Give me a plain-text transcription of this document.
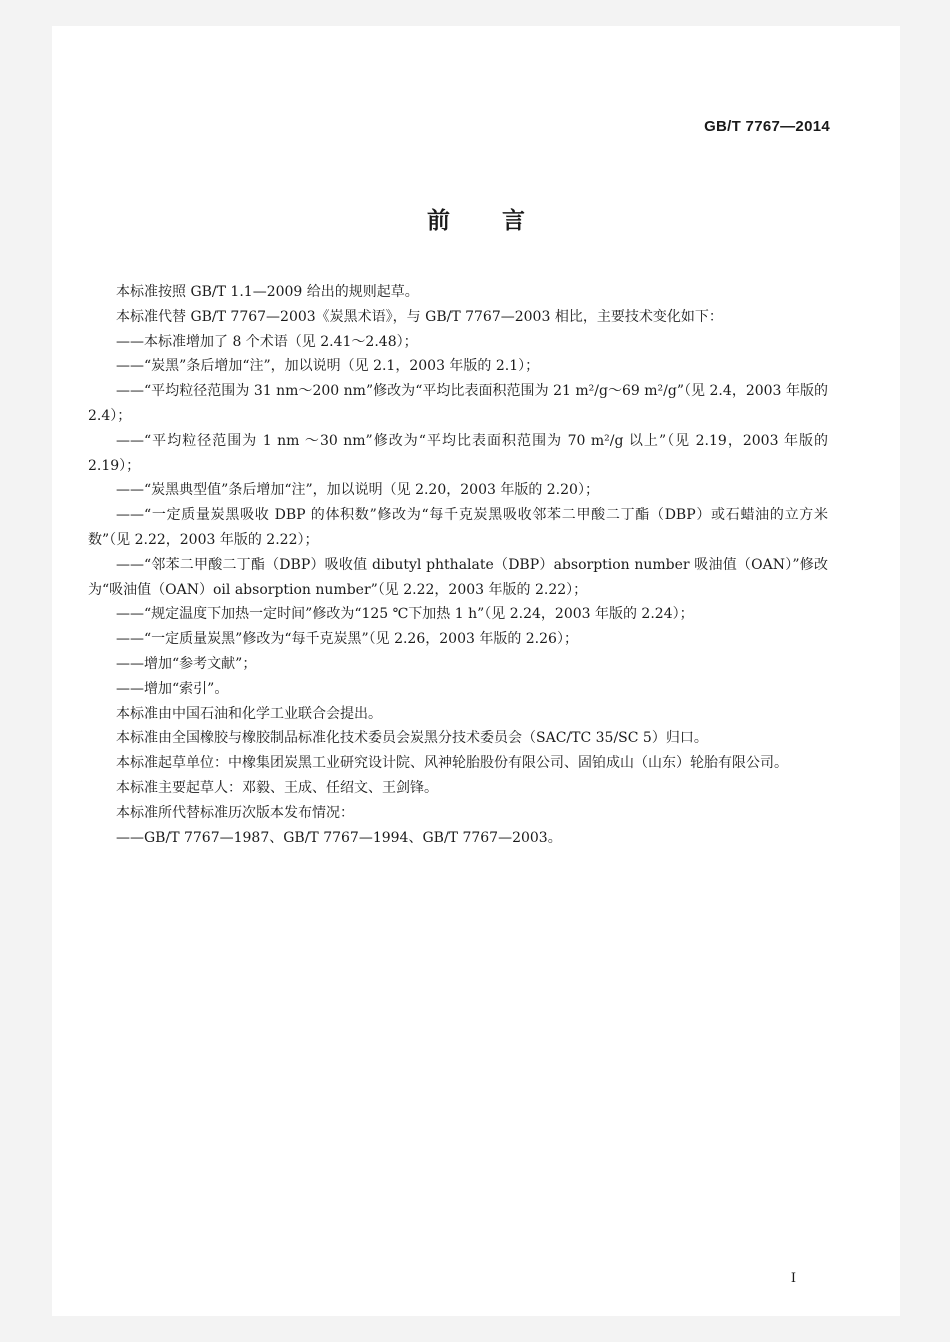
GB/T 7767—2014
前 言

本标准按照 GB/T 1.1—2009 给出的规则起草。

本标准代替 GB/T 7767—2003《炭黑术语》，与 GB/T 7767—2003 相比，主要技术变化如下：

——本标准增加了 8 个术语（见 2.41～2.48）；

——“炭黑”条后增加“注”，加以说明（见 2.1，2003 年版的 2.1）；

——“平均粒径范围为 31 nm～200 nm”修改为“平均比表面积范围为 21 m²/g～69 m²/g”（见 2.4，2003 年版的 2.4）；

——“平均粒径范围为 1 nm ～30 nm”修改为“平均比表面积范围为 70 m²/g 以上”（见 2.19，2003 年版的 2.19）；

——“炭黑典型值”条后增加“注”，加以说明（见 2.20，2003 年版的 2.20）；

——“一定质量炭黑吸收 DBP 的体积数”修改为“每千克炭黑吸收邻苯二甲酸二丁酯（DBP）或石蜡油的立方米数”（见 2.22，2003 年版的 2.22）；

——“邻苯二甲酸二丁酯（DBP）吸收值 dibutyl phthalate（DBP）absorption number 吸油值（OAN）”修改为“吸油值（OAN）oil absorption number”（见 2.22，2003 年版的 2.22）；

——“规定温度下加热一定时间”修改为“125 ℃下加热 1 h”（见 2.24，2003 年版的 2.24）；

——“一定质量炭黑”修改为“每千克炭黑”（见 2.26，2003 年版的 2.26）；

——增加“参考文献”；

——增加“索引”。

本标准由中国石油和化学工业联合会提出。

本标准由全国橡胶与橡胶制品标准化技术委员会炭黑分技术委员会（SAC/TC 35/SC 5）归口。

本标准起草单位：中橡集团炭黑工业研究设计院、风神轮胎股份有限公司、固铂成山（山东）轮胎有限公司。

本标准主要起草人：邓毅、王成、任绍文、王剑锋。

本标准所代替标准历次版本发布情况：

——GB/T 7767—1987、GB/T 7767—1994、GB/T 7767—2003。

I
